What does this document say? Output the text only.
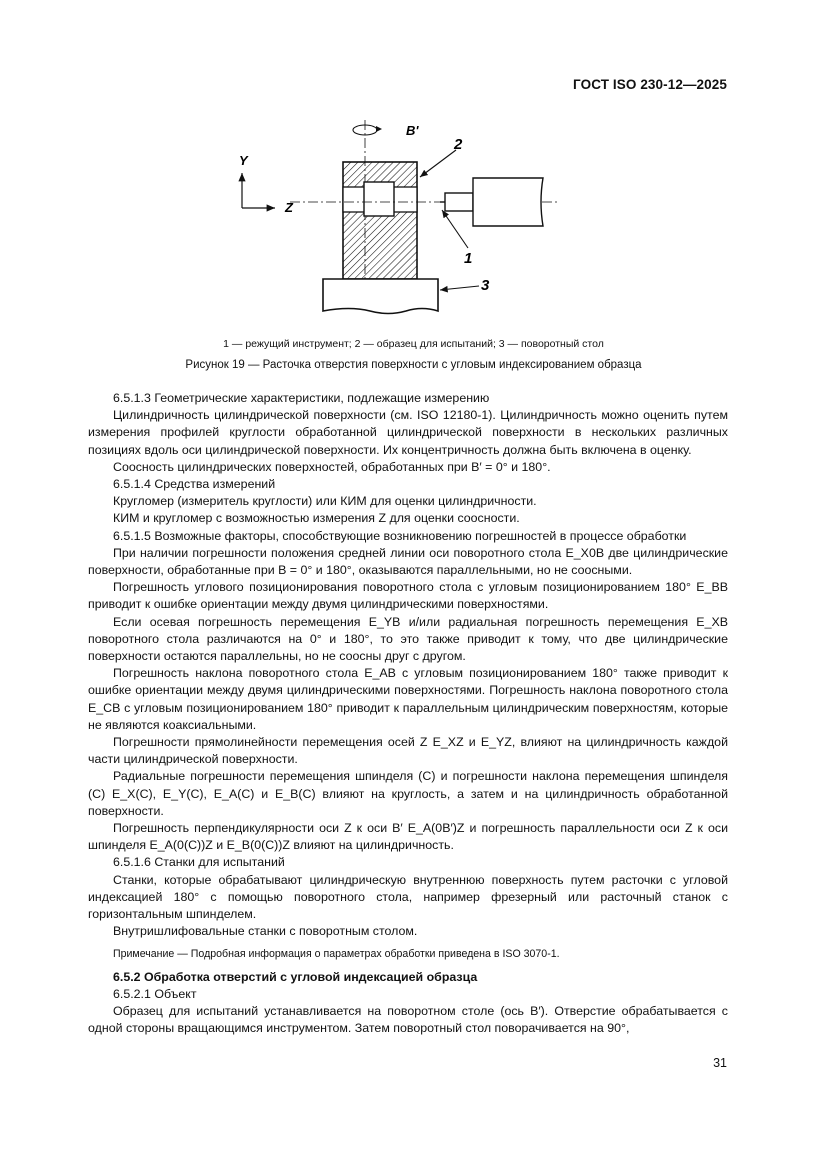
ГОСТ ISO 230-12—2025
Y
Z
B'
1
2
3
1 — режущий инструмент; 2 — образец для испытаний; 3 — поворотный стол
Рисунок 19 — Расточка отверстия поверхности с угловым индексированием образца

6.5.1.3 Геометрические характеристики, подлежащие измерению

Цилиндричность цилиндрической поверхности (см. ISO 12180-1). Цилиндричность можно оценить путем измерения профилей круглости обработанной цилиндрической поверхности в нескольких различных позициях вдоль оси цилиндрической поверхности. Их концентричность должна быть включена в оценку.

Соосность цилиндрических поверхностей, обработанных при B′ = 0° и 180°.

6.5.1.4 Средства измерений

Кругломер (измеритель круглости) или КИМ для оценки цилиндричности.

КИМ и кругломер с возможностью измерения Z для оценки соосности.

6.5.1.5 Возможные факторы, способствующие возникновению погрешностей в процессе обработки

При наличии погрешности положения средней линии оси поворотного стола E_X0B две цилиндрические поверхности, обработанные при B = 0° и 180°, оказываются параллельными, но не соосными.

Погрешность углового позиционирования поворотного стола с угловым позиционированием 180° E_BB приводит к ошибке ориентации между двумя цилиндрическими поверхностями.

Если осевая погрешность перемещения E_YB и/или радиальная погрешность перемещения E_XB поворотного стола различаются на 0° и 180°, то это также приводит к тому, что две цилиндрические поверхности остаются параллельны, но не соосны друг с другом.

Погрешность наклона поворотного стола E_AB с угловым позиционированием 180° также приводит к ошибке ориентации между двумя цилиндрическими поверхностями. Погрешность наклона поворотного стола E_CB с угловым позиционированием 180° приводит к параллельным цилиндрическим поверхностям, которые не являются коаксиальными.

Погрешности прямолинейности перемещения осей Z E_XZ и E_YZ, влияют на цилиндричность каждой части цилиндрической поверхности.

Радиальные погрешности перемещения шпинделя (C) и погрешности наклона перемещения шпинделя (C) E_X(C), E_Y(C), E_A(C) и E_B(C) влияют на круглость, а затем и на цилиндричность обработанной поверхности.

Погрешность перпендикулярности оси Z к оси B′ E_A(0B′)Z и погрешность параллельности оси Z к оси шпинделя E_A(0(C))Z и E_B(0(C))Z влияют на цилиндричность.

6.5.1.6 Станки для испытаний

Станки, которые обрабатывают цилиндрическую внутреннюю поверхность путем расточки с угловой индексацией 180° с помощью поворотного стола, например фрезерный или расточный станок с горизонтальным шпинделем.

Внутришлифовальные станки с поворотным столом.

Примечание — Подробная информация о параметрах обработки приведена в ISO 3070-1.

6.5.2 Обработка отверстий с угловой индексацией образца

6.5.2.1 Объект

Образец для испытаний устанавливается на поворотном столе (ось B′). Отверстие обрабатывается с одной стороны вращающимся инструментом. Затем поворотный стол поворачивается на 90°,

31
